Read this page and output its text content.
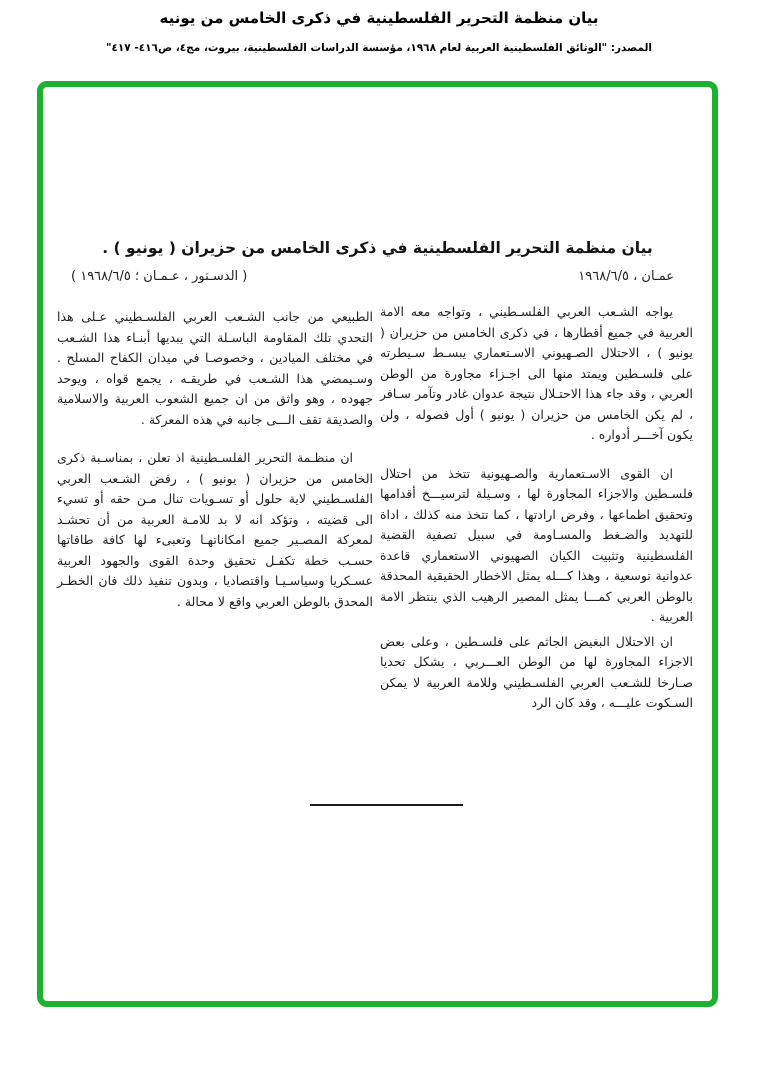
بيان منظمة التحرير الفلسطينية في ذكرى الخامس من يونيه
المصدر: "الوثائق الفلسطينية العربية لعام ١٩٦٨، مؤسسة الدراسات الفلسطينية، بيروت، مج٤، ص٤١٦- ٤١٧"
بيان منظمة التحرير الفلسطينية في ذكرى الخامس من حزيران ( يونيو ) .
عمـان ، ١٩٦٨/٦/٥
( الدسـتور ، عـمـان ؛ ١٩٦٨/٦/٥ )

يواجه الشـعب العربي الفلسـطيني ، وتواجه معه الامة العربية في جميع أقطارها ، في ذكرى الخامس من حزيران ( يونيو ) ، الاحتلال الصـهيوني الاسـتعماري يبسـط سـيطرته على فلسـطين ويمتد منها الى اجـزاء مجاورة من الوطن العربي ، وقد جاء هذا الاحتـلال نتيجة عدوان غادر وتآمر سـافر ، لم يكن الخامس من حزيران ( يونيو ) أول فصوله ، ولن يكون آخـــر أدواره .

ان القوى الاسـتعمارية والصـهيونية تتخذ من احتلال فلسـطين والاجزاء المجاورة لها ، وسـيلة لترسيـــخ أقدامها وتحقيق اطماعها ، وفرض ارادتها ، كما تتخذ منه كذلك ، اداة للتهديد والضـغط والمسـاومة في سبيل تصفية القضية الفلسطينية وتثبيت الكيان الصهيوني الاستعماري قاعدة عدوانية توسعية ، وهذا كـــله يمثل الاخطار الحقيقية المحدقة بالوطن العربي كمـــا يمثل المصير الرهيب الذي ينتظر الامة العربية .

ان الاحتلال البغيض الجاثم على فلسـطين ، وعلى بعض الاجزاء المجاورة لها من الوطن العـــربي ، يشكل تحديا صـارخا للشـعب العربي الفلسـطيني وللامة العربية لا يمكن السـكوت عليـــه ، وقد كان الرد

الطبيعي من جانب الشـعب العربي الفلسـطيني عـلى هذا التحدي تلك المقاومة الباسـلة التي يبديها أبنـاء هذا الشـعب في مختلف الميادين ، وخصوصـا في ميدان الكفاح المسلح . وسـيمضي هذا الشـعب في طريقـه ، يجمع قواه ، ويوحد جهوده ، وهو واثق من ان جميع الشعوب العربية والاسلامية والصديقة تقف الـــى جانبه في هذه المعركة .

ان منظـمة التحرير الفلسـطينية اذ تعلن ، بمناسـبة ذكرى الخامس من حزيران ( يونيو ) ، رفض الشـعب العربي الفلسـطيني لاية حلول أو تسـويات تنال مـن حقه أو تسيء الى قضيته ، وتؤكد انه لا بد للامـة العربية من أن تحشـد لمعركة المصـير جميع امكاناتهـا وتعبىء لها كافة طاقاتها حسـب خطة تكفـل تحقيق وحدة القوى والجهود العربية عسـكريا وسياسـيـا واقتصاديا ، وبدون تنفيذ ذلك فان الخطـر المحدق بالوطن العربي واقع لا محالة .
